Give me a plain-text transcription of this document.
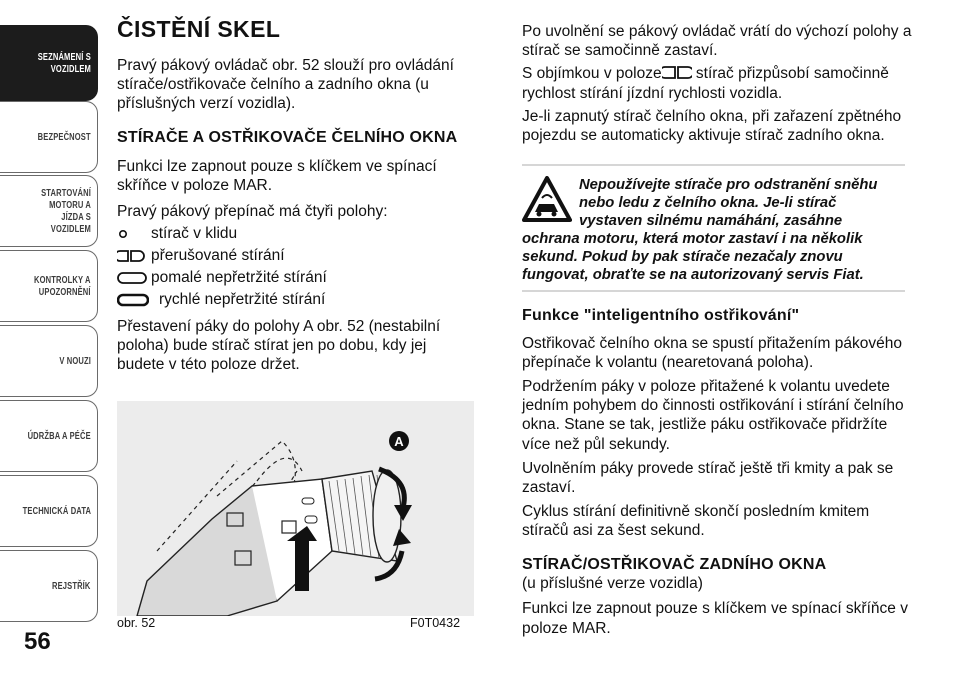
SEZNÁMENÍ S
VOZIDLEM
BEZPEČNOST
STARTOVÁNÍ
MOTORU A JÍZDA S
VOZIDLEM
KONTROLKY A
UPOZORNĚNÍ
V NOUZI
ÚDRŽBA A PÉČE
TECHNICKÁ DATA
REJSTŘÍK
56
ČISTĚNÍ SKEL

Pravý pákový ovládač obr. 52 slouží pro ovládání stírače/ostřikovače čelního a zadního okna (u příslušných verzí vozidla).

STÍRAČE A OSTŘIKOVAČE ČELNÍHO OKNA

Funkci lze zapnout pouze s klíčkem ve spínací skříňce v poloze MAR.

Pravý pákový přepínač má čtyři polohy:

stírač v klidu
přerušované stírání
pomalé nepřetržité stírání
rychlé nepřetržité stírání

Přestavení páky do polohy A obr. 52 (nestabilní poloha) bude stírač stírat jen po dobu, kdy jej budete v této poloze držet.

A
obr. 52	F0T0432

Po uvolnění se pákový ovládač vrátí do výchozí polohy a stírač se samočinně zastaví.

S objímkou v poloze stírač přizpůsobí samočinně rychlost stírání jízdní rychlosti vozidla.

Je-li zapnutý stírač čelního okna, při zařazení zpětného pojezdu se automaticky aktivuje stírač zadního okna.

Nepoužívejte stírače pro odstranění sněhu nebo ledu z čelního okna. Je-li stírač vystaven silnému namáhání, zasáhne

ochrana motoru, která motor zastaví i na několik sekund. Pokud by pak stírače nezačaly znovu fungovat, obraťte se na autorizovaný servis Fiat.

Funkce "inteligentního ostřikování"

Ostřikovač čelního okna se spustí přitažením pákového přepínače k volantu (nearetovaná poloha).

Podržením páky v poloze přitažené k volantu uvedete jedním pohybem do činnosti ostřikování i stírání čelního okna. Stane se tak, jestliže páku ostřikovače přidržíte více než půl sekundy.

Uvolněním páky provede stírač ještě tři kmity a pak se zastaví.

Cyklus stírání definitivně skončí posledním kmitem stíračů asi za šest sekund.

STÍRAČ/OSTŘIKOVAČ ZADNÍHO OKNA

(u příslušné verze vozidla)

Funkci lze zapnout pouze s klíčkem ve spínací skříňce v poloze MAR.
